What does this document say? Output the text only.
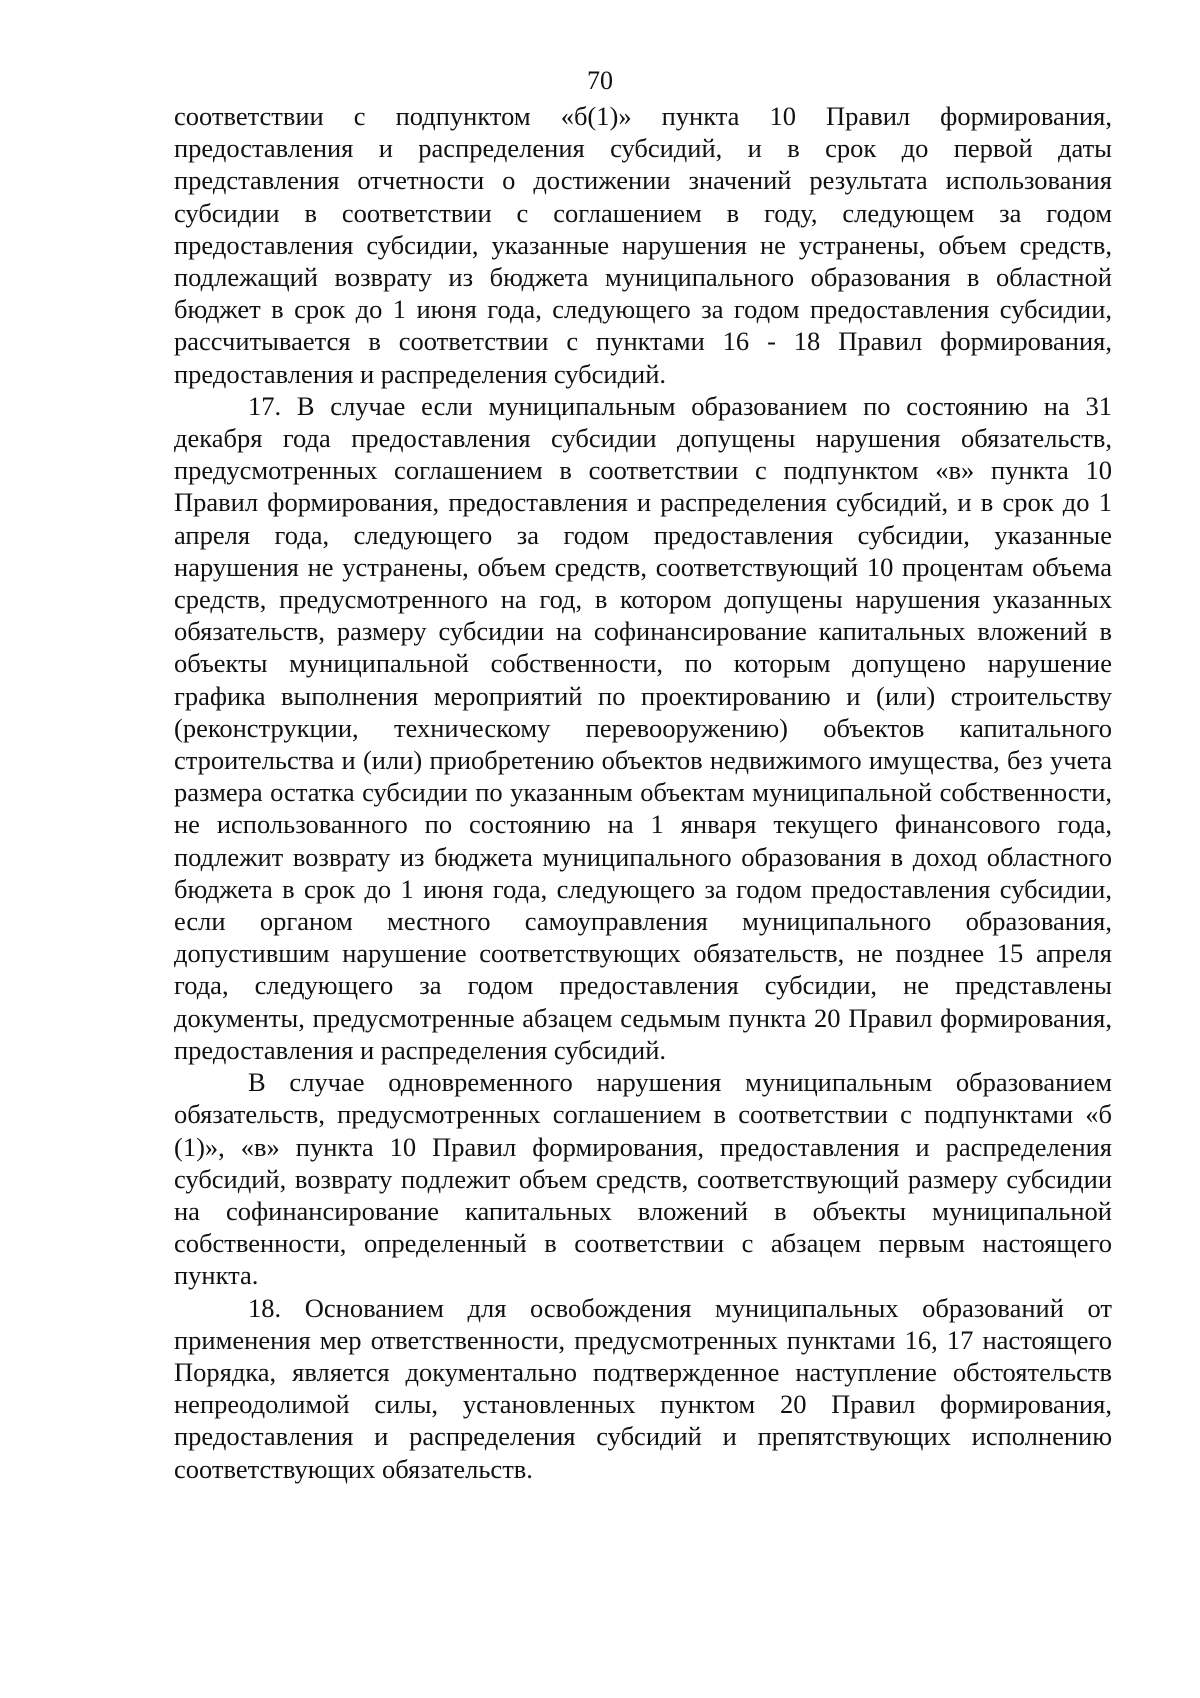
70

соответствии с подпунктом «б(1)» пункта 10 Правил формирования, предоставления и распределения субсидий, и в срок до первой даты представления отчетности о достижении значений результата использования субсидии в соответствии с соглашением в году, следующем за годом предоставления субсидии, указанные нарушения не устранены, объем средств, подлежащий возврату из бюджета муниципального образования в областной бюджет в срок до 1 июня года, следующего за годом предоставления субсидии, рассчитывается в соответствии с пунктами 16 - 18 Правил формирования, предоставления и распределения субсидий.

17. В случае если муниципальным образованием по состоянию на 31 декабря года предоставления субсидии допущены нарушения обязательств, предусмотренных соглашением в соответствии с подпунктом «в» пункта 10 Правил формирования, предоставления и распределения субсидий, и в срок до 1 апреля года, следующего за годом предоставления субсидии, указанные нарушения не устранены, объем средств, соответствующий 10 процентам объема средств, предусмотренного на год, в котором допущены нарушения указанных обязательств, размеру субсидии на софинансирование капитальных вложений в объекты муниципальной собственности, по которым допущено нарушение графика выполнения мероприятий по проектированию и (или) строительству (реконструкции, техническому перевооружению) объектов капитального строительства и (или) приобретению объектов недвижимого имущества, без учета размера остатка субсидии по указанным объектам муниципальной собственности, не использованного по состоянию на 1 января текущего финансового года, подлежит возврату из бюджета муниципального образования в доход областного бюджета в срок до 1 июня года, следующего за годом предоставления субсидии, если органом местного самоуправления муниципального образования, допустившим нарушение соответствующих обязательств, не позднее 15 апреля года, следующего за годом предоставления субсидии, не представлены документы, предусмотренные абзацем седьмым пункта 20 Правил формирования, предоставления и распределения субсидий.

В случае одновременного нарушения муниципальным образованием обязательств, предусмотренных соглашением в соответствии с подпунктами «б (1)», «в» пункта 10 Правил формирования, предоставления и распределения субсидий, возврату подлежит объем средств, соответствующий размеру субсидии на софинансирование капитальных вложений в объекты муниципальной собственности, определенный в соответствии с абзацем первым настоящего пункта.

18. Основанием для освобождения муниципальных образований от применения мер ответственности, предусмотренных пунктами 16, 17 настоящего Порядка, является документально подтвержденное наступление обстоятельств непреодолимой силы, установленных пунктом 20 Правил формирования, предоставления и распределения субсидий и препятствующих исполнению соответствующих обязательств.
